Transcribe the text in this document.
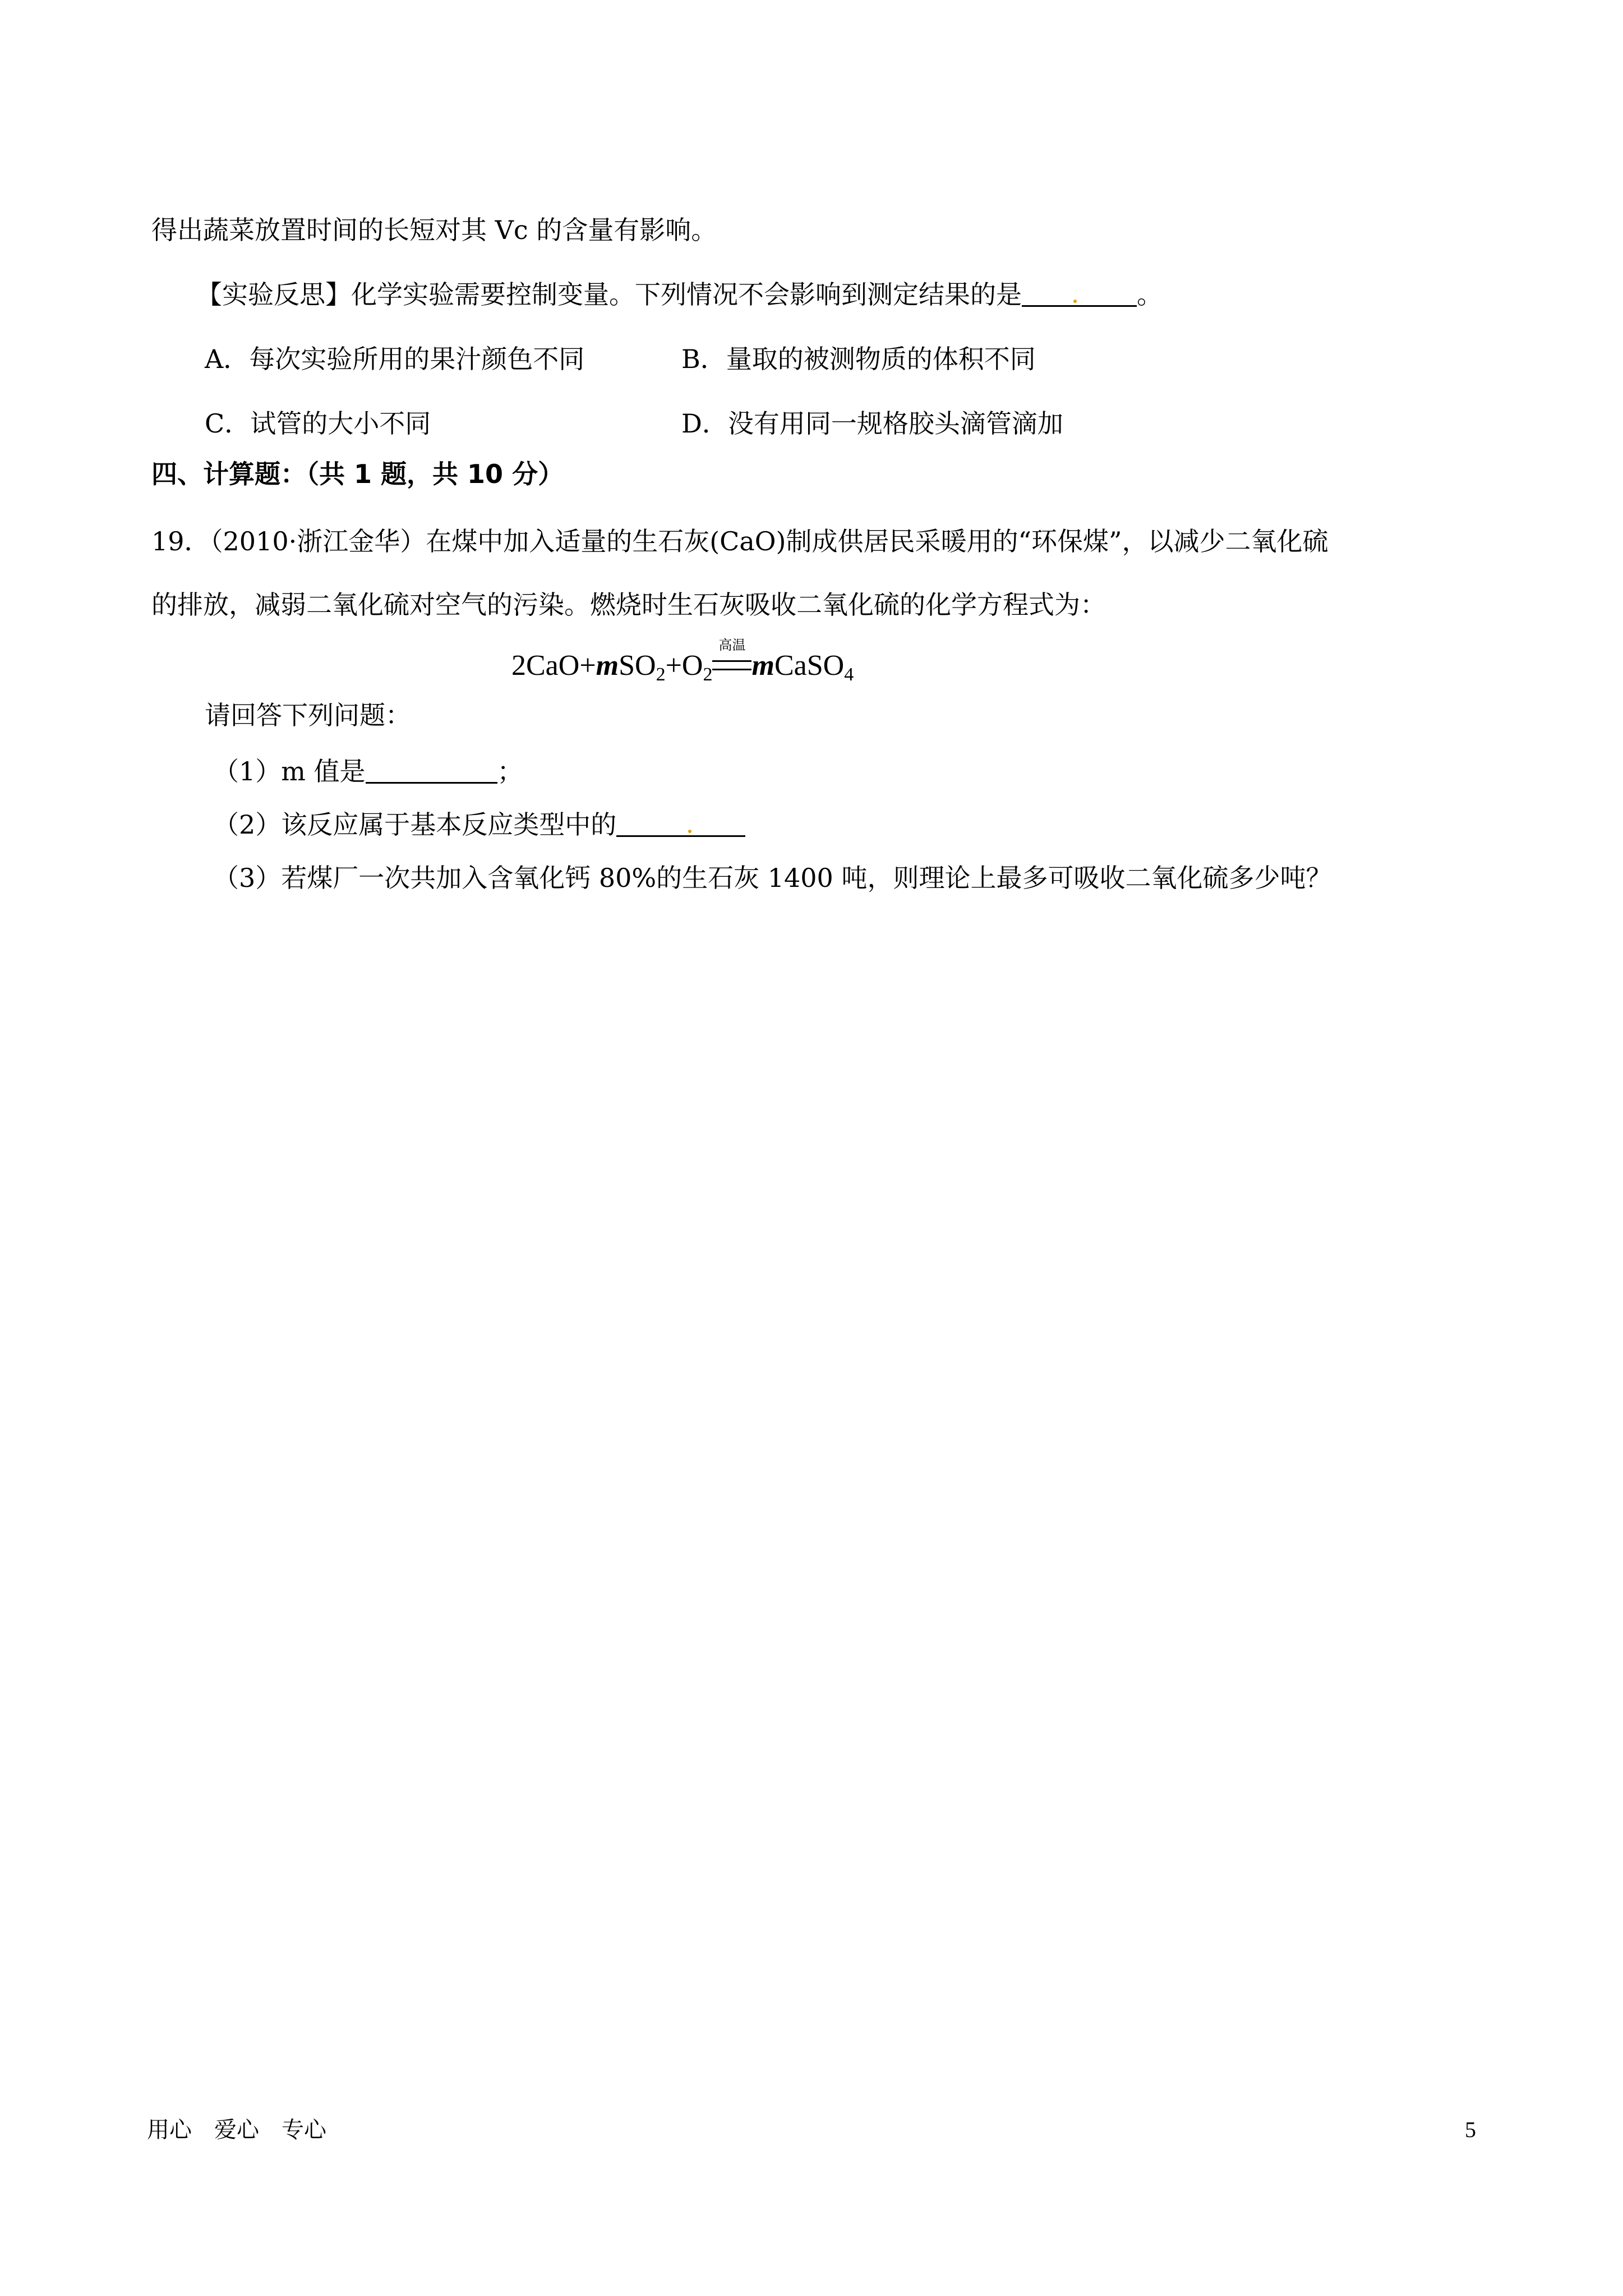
得出蔬菜放置时间的长短对其 Vc 的含量有影响。
【实验反思】化学实验需要控制变量。下列情况不会影响到测定结果的是	。
A．每次实验所用的果汁颜色不同	B．量取的被测物质的体积不同
C．试管的大小不同	D．没有用同一规格胶头滴管滴加
四、计算题：（共 1 题，共 10 分）
19．（2010·浙江金华）在煤中加入适量的生石灰(CaO)制成供居民采暖用的“环保煤”，以减少二氧化硫
的排放，减弱二氧化硫对空气的污染。燃烧时生石灰吸收二氧化硫的化学方程式为：
$2CaO+mSO_2+O_2$
高温
mCaSO$_4$
请回答下列问题：
（1）m 值是	；
（2）该反应属于基本反应类型中的
（3）若煤厂一次共加入含氧化钙 80%的生石灰 1400 吨，则理论上最多可吸收二氧化硫多少吨？
用心　爱心　专心	5
